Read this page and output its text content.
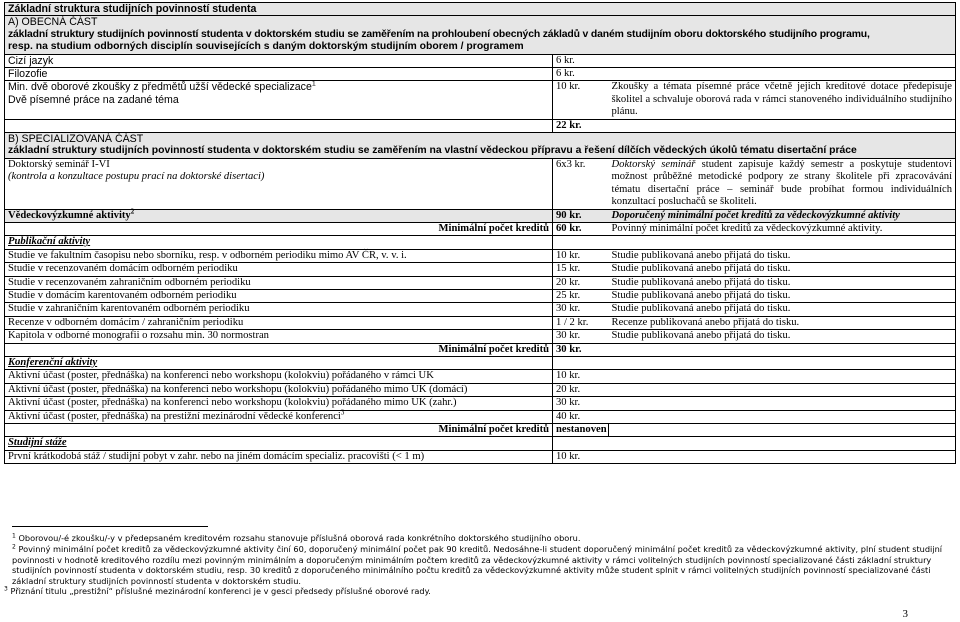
Základní struktura studijních povinností studenta		

A) OBECNÁ ČÁST
základní struktury studijních povinností studenta v doktorském studiu se zaměřením na prohloubení obecných základů v daném studijním oboru doktorského studijního programu,
resp. na studium odborných disciplín souvisejících s daným doktorským studijním oborem / programem		

Cizí jazyk	6 kr.	
Filozofie	6 kr.	

Min. dvě oborové zkoušky z předmětů užší vědecké specializace$^1$
Dvě písemné práce na zadané téma	10 kr.	Zkoušky a témata písemné práce včetně jejich kreditové dotace předepisuje školitel a schvaluje oborová rada v rámci stanoveného individuálního studijního plánu.
	22 kr.	

B) SPECIALIZOVANÁ ČÁST
základní struktury studijních povinností studenta v doktorském studiu se zaměřením na vlastní vědeckou přípravu a řešení dílčích vědeckých úkolů tématu disertační práce		

Doktorský seminář I-VI
(kontrola a konzultace postupu prací na doktorské disertaci)	6x3 kr.	Doktorský seminář student zapisuje každý semestr a poskytuje studentovi možnost průběžné metodické podpory ze strany školitele při zpracovávání tématu disertační práce – seminář bude probíhat formou individuálních konzultací posluchačů se školiteli.
Vědeckovýzkumné aktivity$^2$	90 kr.	Doporučený minimální počet kreditů za vědeckovýzkumné aktivity
Minimální počet kreditů	60 kr.	Povinný minimální počet kreditů za vědeckovýzkumné aktivity.
Publikační aktivity		
Studie ve fakultním časopisu nebo sborníku, resp. v odborném periodiku mimo AV ČR, v. v. i.	10 kr.	Studie publikovaná anebo přijatá do tisku.
Studie v recenzovaném domácím odborném periodiku	15 kr.	Studie publikovaná anebo přijatá do tisku.
Studie v recenzovaném zahraničním odborném periodiku	20 kr.	Studie publikovaná anebo přijatá do tisku.
Studie v domácím karentovaném odborném periodiku	25 kr.	Studie publikovaná anebo přijatá do tisku.
Studie v zahraničním karentovaném odborném periodiku	30 kr.	Studie publikovaná anebo přijatá do tisku.
Recenze v odborném domácím / zahraničním periodiku	1 / 2 kr.	Recenze publikovaná anebo přijatá do tisku.
Kapitola v odborné monografii o rozsahu min. 30 normostran	30 kr.	Studie publikovaná anebo přijatá do tisku.
Minimální počet kreditů	30 kr.	
Konferenční aktivity		
Aktivní účast (poster, přednáška) na konferenci nebo workshopu (kolokviu) pořádaného v rámci UK	10 kr.	
Aktivní účast (poster, přednáška) na konferenci nebo workshopu (kolokviu) pořádaného mimo UK (domácí)	20 kr.	
Aktivní účast (poster, přednáška) na konferenci nebo workshopu (kolokviu) pořádaného mimo UK (zahr.)	30 kr.	
Aktivní účast (poster, přednáška) na prestižní mezinárodní vědecké konferenci$^3$	40 kr.	
Minimální počet kreditů	nestanoven	
Studijní stáže		
První krátkodobá stáž / studijní pobyt v zahr. nebo na jiném domácím specializ. pracovišti (< 1 m)	10 kr.	
$^1$ Oborovou/-é zkoušku/-y v předepsaném kreditovém rozsahu stanovuje příslušná oborová rada konkrétního doktorského studijního oboru.
$^2$ Povinný minimální počet kreditů za vědeckovýzkumné aktivity činí 60, doporučený minimální počet pak 90 kreditů. Nedosáhne-li student doporučený minimální počet kreditů za vědeckovýzkumné aktivity, plní student studijní povinnosti v hodnotě kreditového rozdílu mezi povinným minimálním a doporučeným minimálním počtem kreditů za vědeckovýzkumné aktivity v rámci volitelných studijních povinností specializované části základní struktury studijních povinností studenta v doktorském studiu, resp. 30 kreditů z doporučeného minimálního počtu kreditů za vědeckovýzkumné aktivity může student splnit v rámci volitelných studijních povinností specializované části základní struktury studijních povinností studenta v doktorském studiu.
$^3$ Přiznání titulu „prestižní“ příslušné mezinárodní konferenci je v gesci předsedy příslušné oborové rady.
3
